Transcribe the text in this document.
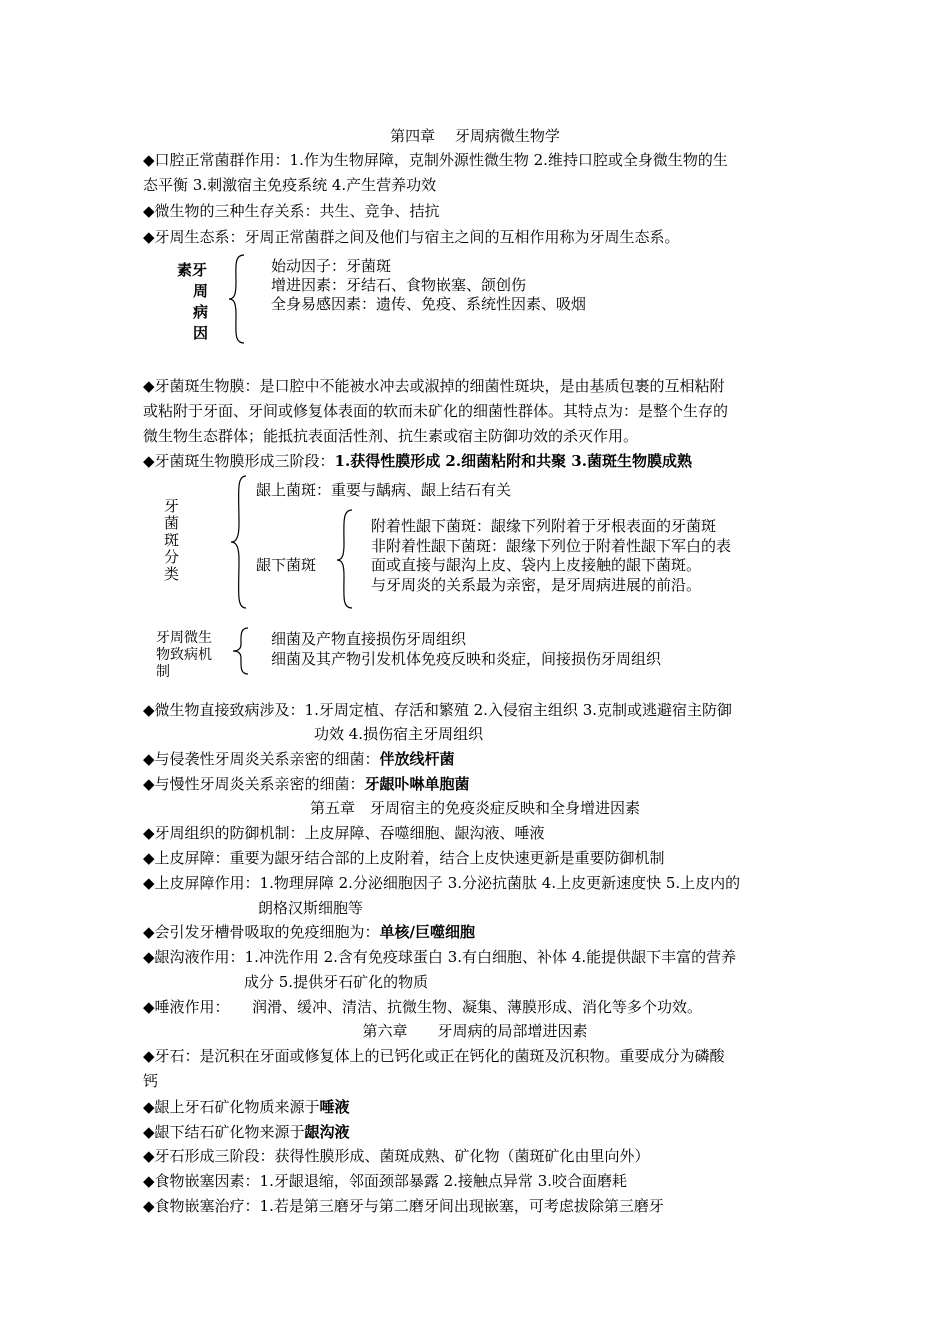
第四章　 牙周病微生物学
◆口腔正常菌群作用：1.作为生物屏障，克制外源性微生物 2.维持口腔或全身微生物的生
态平衡 3.刺激宿主免疫系统 4.产生营养功效
◆微生物的三种生存关系：共生、竞争、拮抗
◆牙周生态系：牙周正常菌群之间及他们与宿主之间的互相作用称为牙周生态系。
素牙
周
病
因
始动因子：牙菌斑
增进因素：牙结石、食物嵌塞、颌创伤
全身易感因素：遗传、免疫、系统性因素、吸烟
◆牙菌斑生物膜：是口腔中不能被水冲去或淑掉的细菌性斑块，是由基质包裹的互相粘附
或粘附于牙面、牙间或修复体表面的软而未矿化的细菌性群体。其特点为：是整个生存的
微生物生态群体；能抵抗表面活性剂、抗生素或宿主防御功效的杀灭作用。
◆牙菌斑生物膜形成三阶段：1.获得性膜形成 2.细菌粘附和共聚 3.菌斑生物膜成熟
牙
菌
斑
分
类
龈上菌斑：重要与龋病、龈上结石有关
龈下菌斑
附着性龈下菌斑：龈缘下列附着于牙根表面的牙菌斑
非附着性龈下菌斑：龈缘下列位于附着性龈下军白的表
面或直接与龈沟上皮、袋内上皮接触的龈下菌斑。
与牙周炎的关系最为亲密，是牙周病进展的前沿。
牙周微生
物致病机
制
细菌及产物直接损伤牙周组织
细菌及其产物引发机体免疫反映和炎症，间接损伤牙周组织
◆微生物直接致病涉及：1.牙周定植、存活和繁殖 2.入侵宿主组织 3.克制或逃避宿主防御
功效 4.损伤宿主牙周组织
◆与侵袭性牙周炎关系亲密的细菌：伴放线杆菌
◆与慢性牙周炎关系亲密的细菌：牙龈卟啉单胞菌
第五章　牙周宿主的免疫炎症反映和全身增进因素
◆牙周组织的防御机制：上皮屏障、吞噬细胞、龈沟液、唾液
◆上皮屏障：重要为龈牙结合部的上皮附着，结合上皮快速更新是重要防御机制
◆上皮屏障作用：1.物理屏障 2.分泌细胞因子 3.分泌抗菌肽 4.上皮更新速度快 5.上皮内的
朗格汉斯细胞等
◆会引发牙槽骨吸取的免疫细胞为：单核/巨噬细胞
◆龈沟液作用：1.冲洗作用 2.含有免疫球蛋白 3.有白细胞、补体 4.能提供龈下丰富的营养
成分 5.提供牙石矿化的物质
◆唾液作用：　　润滑、缓冲、清洁、抗微生物、凝集、薄膜形成、消化等多个功效。
第六章　　牙周病的局部增进因素
◆牙石：是沉积在牙面或修复体上的已钙化或正在钙化的菌斑及沉积物。重要成分为磷酸
钙
◆龈上牙石矿化物质来源于唾液
◆龈下结石矿化物来源于龈沟液
◆牙石形成三阶段：获得性膜形成、菌斑成熟、矿化物（菌斑矿化由里向外）
◆食物嵌塞因素：1.牙龈退缩，邻面颈部暴露 2.接触点异常 3.咬合面磨耗
◆食物嵌塞治疗：1.若是第三磨牙与第二磨牙间出现嵌塞，可考虑拔除第三磨牙
